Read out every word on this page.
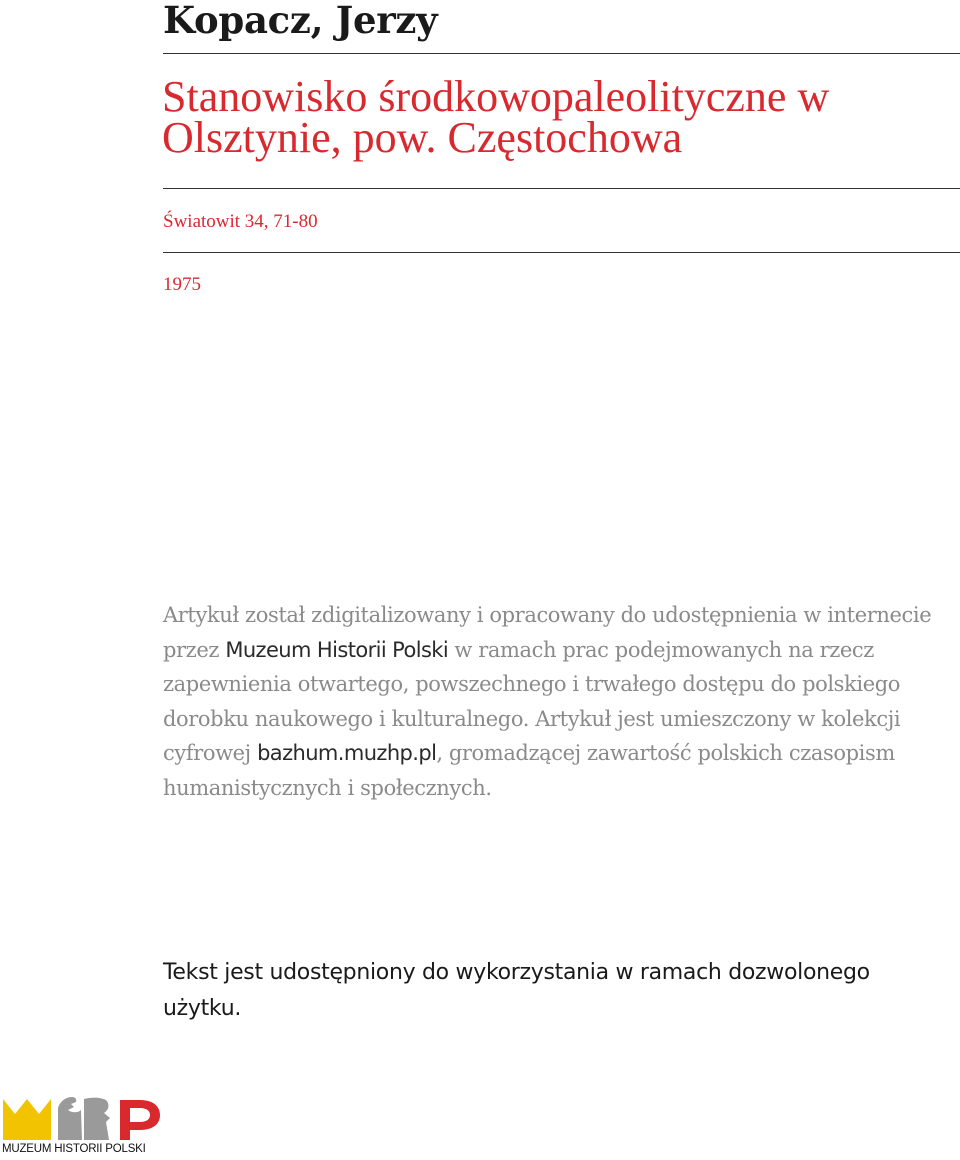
Kopacz, Jerzy
Stanowisko środkowopaleolityczne w Olsztynie, pow. Częstochowa

Światowit 34, 71-80

1975

Artykuł został zdigitalizowany i opracowany do udostępnienia w internecie przez Muzeum Historii Polski w ramach prac podejmowanych na rzecz zapewnienia otwartego, powszechnego i trwałego dostępu do polskiego dorobku naukowego i kulturalnego. Artykuł jest umieszczony w kolekcji cyfrowej bazhum.muzhp.pl, gromadzącej zawartość polskich czasopism humanistycznych i społecznych.

Tekst jest udostępniony do wykorzystania w ramach dozwolonego użytku.

MUZEUM HISTORII POLSKI
